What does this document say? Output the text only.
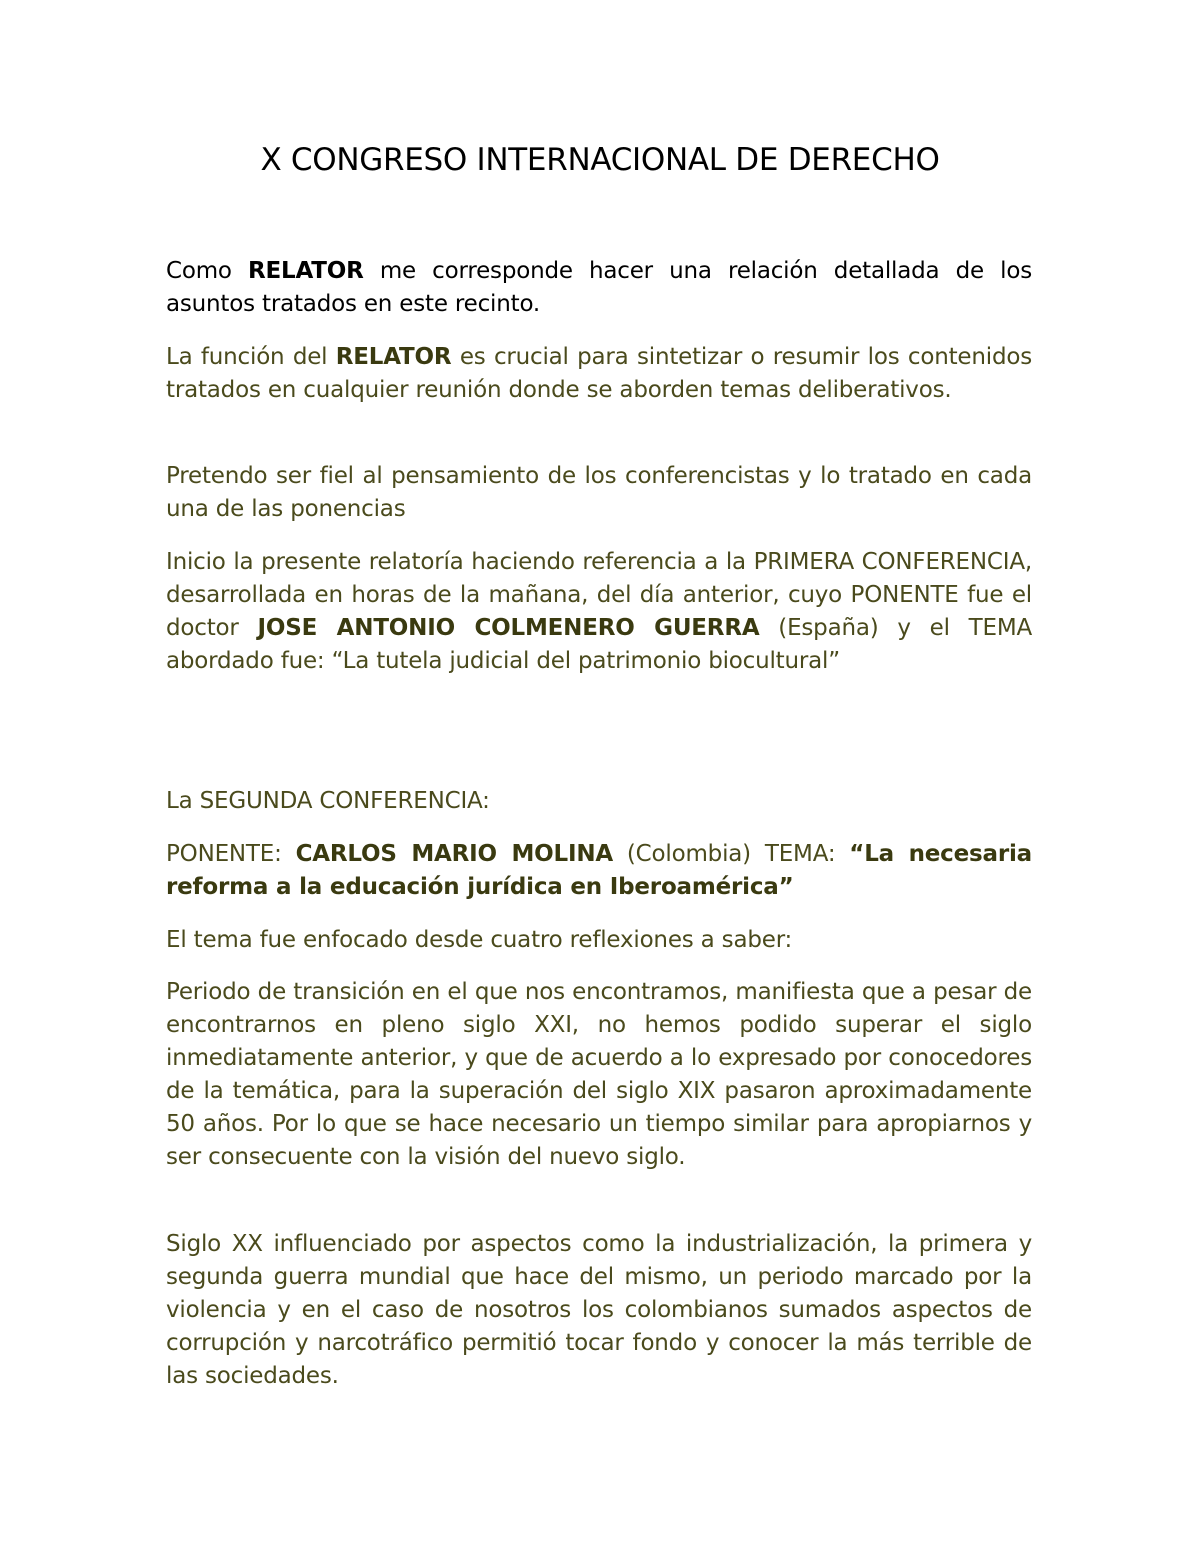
X CONGRESO INTERNACIONAL DE DERECHO

Como RELATOR me corresponde hacer una relación detallada de los asuntos tratados en este recinto.

La función del RELATOR es crucial para sintetizar o resumir los contenidos tratados en cualquier reunión donde se aborden temas deliberativos.

Pretendo ser fiel al pensamiento de los conferencistas y lo tratado en cada una de las ponencias

Inicio la presente relatoría haciendo referencia a la PRIMERA CONFERENCIA, desarrollada en horas de la mañana, del día anterior, cuyo PONENTE fue el doctor JOSE ANTONIO COLMENERO GUERRA (España) y el TEMA abordado fue: “La tutela judicial del patrimonio biocultural”

La SEGUNDA CONFERENCIA:

PONENTE: CARLOS MARIO MOLINA (Colombia) TEMA: “La necesaria reforma a la educación jurídica en Iberoamérica”

El tema fue enfocado desde cuatro reflexiones a saber:

Periodo de transición en el que nos encontramos, manifiesta que a pesar de encontrarnos en pleno siglo XXI, no hemos podido superar el siglo inmediatamente anterior, y que de acuerdo a lo expresado por conocedores de la temática, para la superación del siglo XIX pasaron aproximadamente 50 años. Por lo que se hace necesario un tiempo similar para apropiarnos y ser consecuente con la visión del nuevo siglo.

Siglo XX influenciado por aspectos como la industrialización, la primera y segunda guerra mundial que hace del mismo, un periodo marcado por la violencia y en el caso de nosotros los colombianos sumados aspectos de corrupción y narcotráfico permitió tocar fondo y conocer la más terrible de las sociedades.
